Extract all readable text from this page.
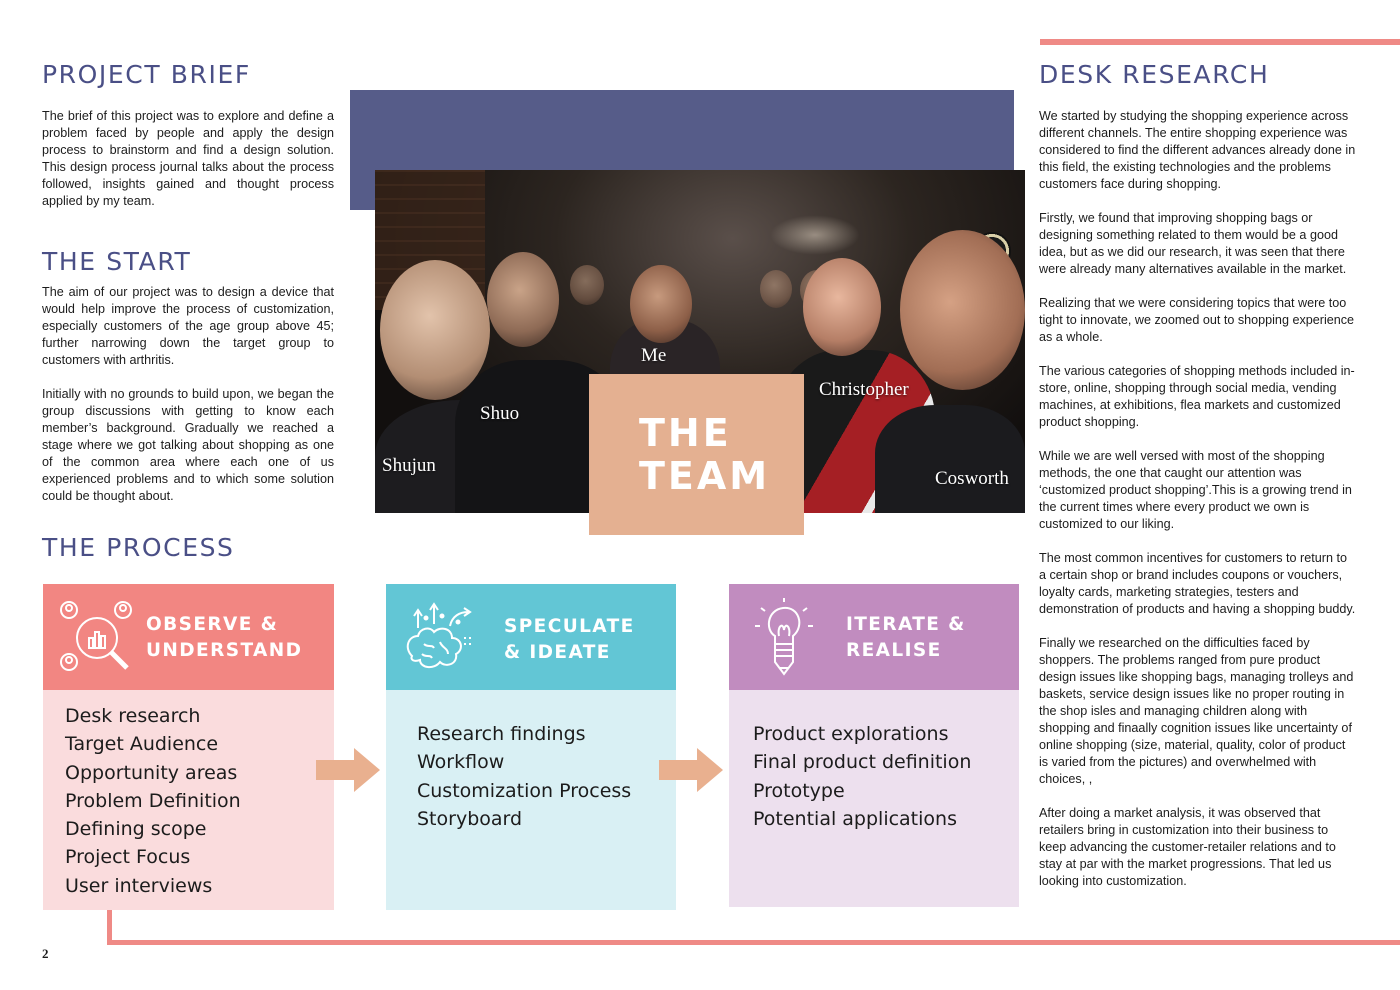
PROJECT BRIEF

The brief of this project was to explore and define a problem faced by people and apply the design process to brainstorm and find a design solution. This design process journal talks about the process followed, insights gained and thought process applied by my team.

THE START

The aim of our project was to design a device that would help improve the process of customization, especially customers of the age group above 45; further narrowing down the target group to customers with arthritis.

Initially with no grounds to build upon, we began the group discussions with getting to know each member’s background. Gradually we reached a stage where we got talking about shopping as one of the common area where each one of us experienced problems and to which some solution could be thought about.

Shujun
Shuo
Me
Christopher
Cosworth
THE
TEAM
THE PROCESS
OBSERVE &
UNDERSTAND
Desk research
Target Audience
Opportunity areas
Problem Definition
Defining scope
Project Focus
User interviews
SPECULATE
& IDEATE
Research findings
Workflow
Customization Process
Storyboard
ITERATE &
REALISE
Product explorations
Final product definition
Prototype
Potential applications
DESK RESEARCH

We started by studying the shopping experience across different channels. The entire shopping experience was considered to find the different advances already done in this field, the existing technologies and the problems customers face during shopping.

Firstly, we found that improving shopping bags or designing something related to them would be a good idea, but as we did our research, it was seen that there were already many alternatives available in the market.

Realizing that we were considering topics that were too tight to innovate, we zoomed out to shopping experience as a whole.

The various categories of shopping methods included in-store, online, shopping through social media, vending machines, at exhibitions, flea markets and customized product shopping.

While we are well versed with most of the shopping methods, the one that caught our attention was ‘customized product shopping’.This is a growing trend in the current times where every product we own is customized to our liking.

The most common incentives for customers to return to a certain shop or brand includes coupons or vouchers, loyalty cards, marketing strategies, testers and demonstration of products and having a shopping buddy.

Finally we researched on the difficulties faced by shoppers. The problems ranged from pure product design issues like shopping bags, managing trolleys and baskets, service design issues like no proper routing in the shop isles and managing children along with shopping and finaally cognition issues like uncertainty of online shopping (size, material, quality, color of product is varied from the pictures) and overwhelmed with choices, ,

After doing a market analysis, it was observed that retailers bring in customization into their business to keep advancing the customer-retailer relations and to stay at par with the market progressions. That led us looking into customization.

2
